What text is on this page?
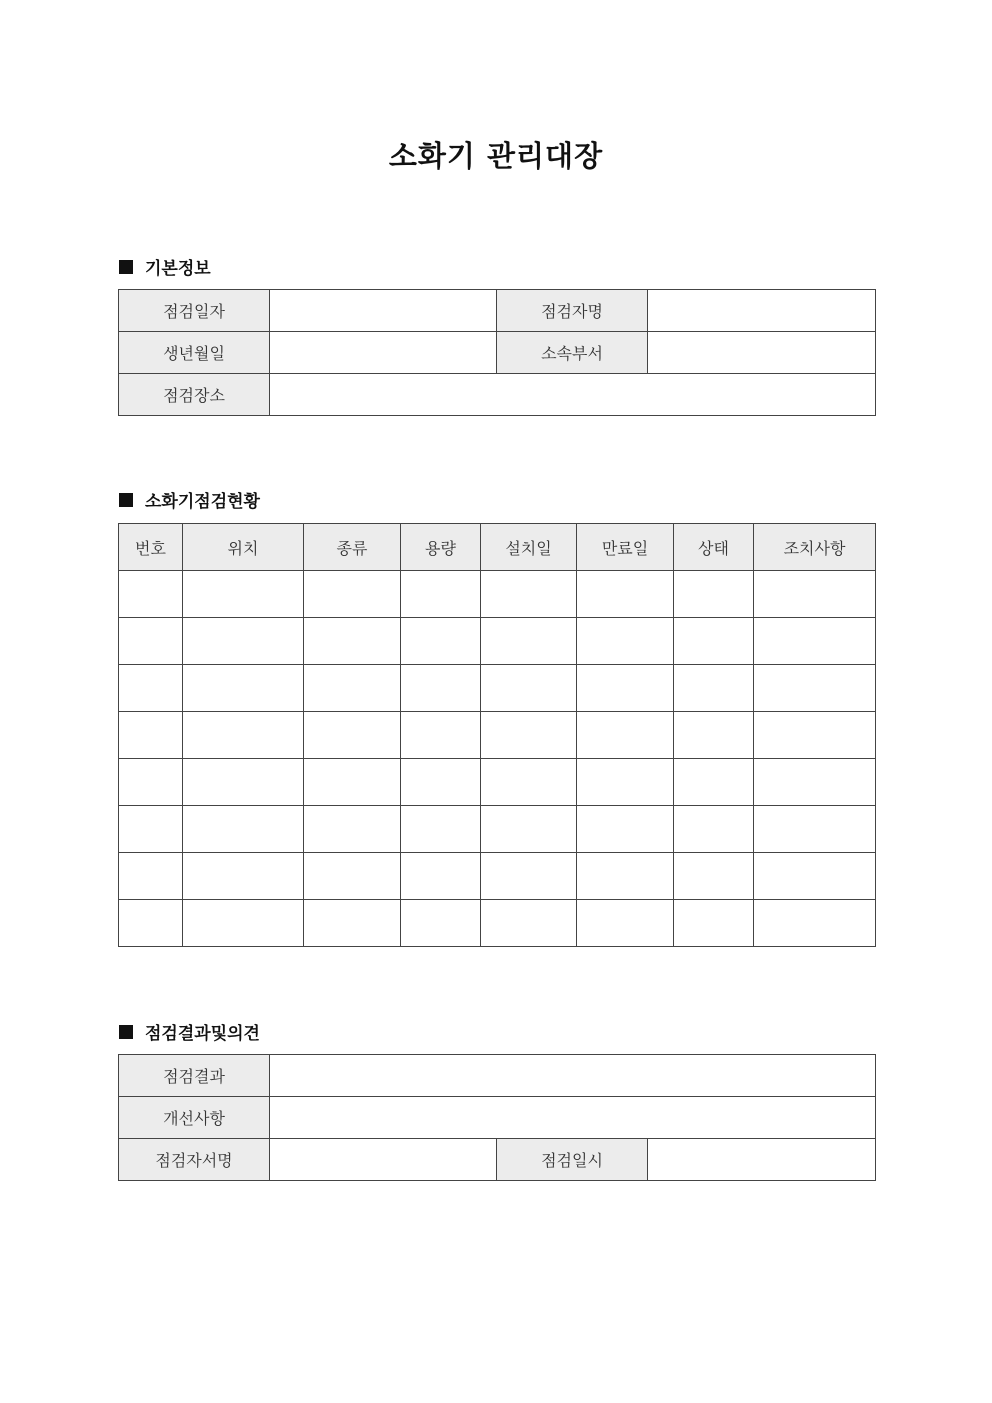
소화기 관리대장
기본정보
점검일자		점검자명	
생년월일		소속부서	
점검장소			
소화기점검현황
번호	위치	종류	용량	설치일	만료일	상태	조치사항

점검결과및의견
점검결과			
개선사항			
점검자서명		점검일시	
